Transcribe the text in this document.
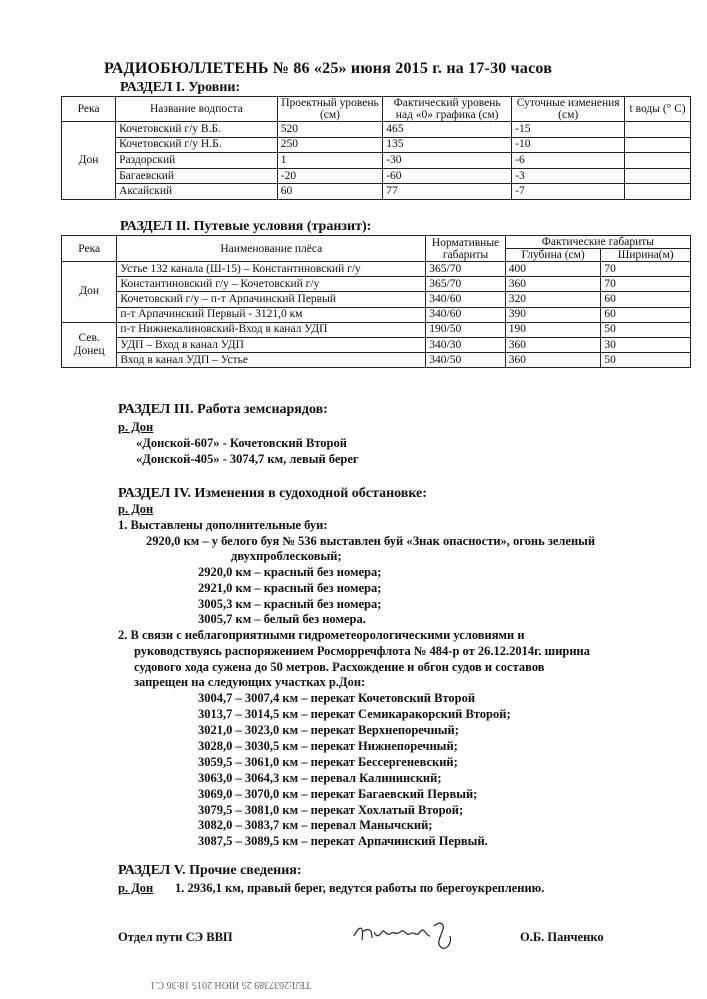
РАДИОБЮЛЛЕТЕНЬ № 86 «25» июня 2015 г. на 17-30 часов
РАЗДЕЛ I. Уровни:
Река	Название водпоста	Проектный уровень (см)	Фактический уровень над «0» графика (см)	Суточные изменения (см)	t воды (° С)
Дон	Кочетовский г/у В.Б.	520	465	-15	
	Кочетовский г/у Н.Б.	250	135	-10	
	Раздорский	1	-30	-6	
	Багаевский	-20	-60	-3	
	Аксайский	60	77	-7	
РАЗДЕЛ II. Путевые условия (транзит):
Река	Наименование плёса	Нормативные габариты	Фактические габариты	
			Глубина (см)	Ширина(м)
Дон	Устье 132 канала (Ш-15) – Константиновский г/у	365/70	400	70
	Константиновский г/у – Кочетовский г/у	365/70	360	70
	Кочетовский г/у – п-т Арпачинский Первый	340/60	320	60
	п-т Арпачинский Первый - 3121,0 км	340/60	390	60
Сев. Донец	п-т Нижнекалиновский-Вход в канал УДП	190/50	190	50
	УДП – Вход в канал УДП	340/30	360	30
	Вход в канал УДП – Устье	340/50	360	50
РАЗДЕЛ III. Работа земснарядов:
р. Дон
«Донской-607» - Кочетовский Второй
«Донской-405» - 3074,7 км, левый берег
РАЗДЕЛ IV. Изменения в судоходной обстановке:
р. Дон
1. Выставлены дополнительные буи:
2920,0 км – у белого буя № 536 выставлен буй «Знак опасности», огонь зеленый
двухпроблесковый;
2920,0 км – красный без номера;
2921,0 км – красный без номера;
3005,3 км – красный без номера;
3005,7 км – белый без номера.
2. В связи с неблагоприятными гидрометеорологическими условиями и
руководствуясь распоряжением Росморречфлота № 484-р от 26.12.2014г. ширина
судового хода сужена до 50 метров. Расхождение и обгон судов и составов
запрещен на следующих участках р.Дон:
3004,7 – 3007,4 км – перекат Кочетовский Второй
3013,7 – 3014,5 км – перекат Семикаракорский Второй;
3021,0 – 3023,0 км – перекат Верхнепоречный;
3028,0 – 3030,5 км – перекат Нижнепоречный;
3059,5 – 3061,0 км – перекат Бессергеневский;
3063,0 – 3064,3 км – перевал Калининский;
3069,0 – 3070,0 км – перекат Багаевский Первый;
3079,5 – 3081,0 км – перекат Хохлатый Второй;
3082,0 – 3083,7 км – перевал Манычский;
3087,5 – 3089,5 км – перекат Арпачинский Первый.
РАЗДЕЛ V. Прочие сведения:
р. Дон 1. 2936,1 км, правый берег, ведутся работы по берегоукреплению.
Отдел пути СЭ ВВП	О.Б. Панченко
ТЕЛ:2637389 25 ИЮН 2015 18:36 С.1
